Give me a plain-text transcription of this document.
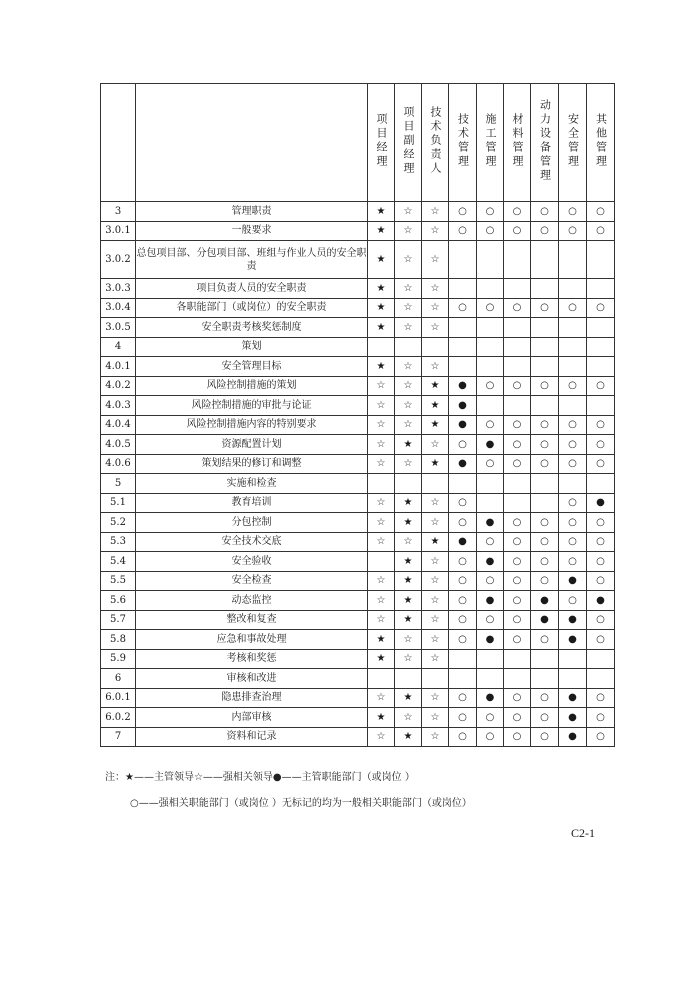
		项目经理	项目副经理	技术负责人	技术管理	施工管理	材料管理	动力设备管理	安全管理	其他管理
3	管理职责	★	☆	☆	○	○	○	○	○	○
3.0.1	一般要求	★	☆	☆	○	○	○	○	○	○
3.0.2	总包项目部、分包项目部、班组与作业人员的安全职责	★	☆	☆						
3.0.3	项目负责人员的安全职责	★	☆	☆						
3.0.4	各职能部门（或岗位）的安全职责	★	☆	☆	○	○	○	○	○	○
3.0.5	安全职责考核奖惩制度	★	☆	☆						
4	策划									
4.0.1	安全管理目标	★	☆	☆						
4.0.2	风险控制措施的策划	☆	☆	★	●	○	○	○	○	○
4.0.3	风险控制措施的审批与论证	☆	☆	★	●					
4.0.4	风险控制措施内容的特别要求	☆	☆	★	●	○	○	○	○	○
4.0.5	资源配置计划	☆	★	☆	○	●	○	○	○	○
4.0.6	策划结果的修订和调整	☆	☆	★	●	○	○	○	○	○
5	实施和检查									
5.1	教育培训	☆	★	☆	○				○	●
5.2	分包控制	☆	★	☆	○	●	○	○	○	○
5.3	安全技术交底	☆	☆	★	●	○	○	○	○	○
5.4	安全验收		★	☆	○	●	○	○	○	○
5.5	安全检查	☆	★	☆	○	○	○	○	●	○
5.6	动态监控	☆	★	☆	○	●	○	●	○	●
5.7	整改和复查	☆	★	☆	○	○	○	●	●	○
5.8	应急和事故处理	★	☆	☆	○	●	○	○	●	○
5.9	考核和奖惩	★	☆	☆						
6	审核和改进									
6.0.1	隐患排查治理	☆	★	☆	○	●	○	○	●	○
6.0.2	内部审核	★	☆	☆	○	○	○	○	●	○
7	资料和记录	☆	★	☆	○	○	○	○	●	○
注：★——主管领导☆——强相关领导●——主管职能部门（或岗位 ）
○——强相关职能部门（或岗位 ）无标记的均为一般相关职能部门（或岗位）
C2-1
